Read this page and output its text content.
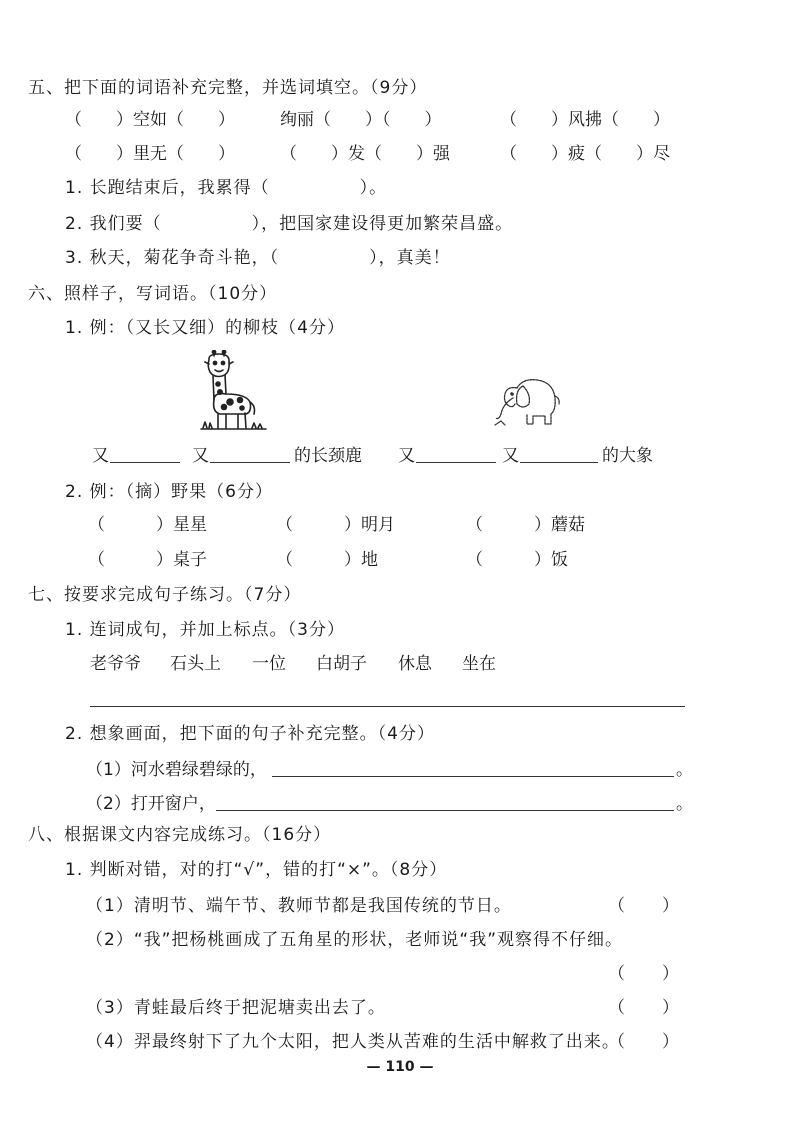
五、把下面的词语补充完整，并选词填空。（9分）
（　　）空如（　　）	绚丽（　　）（　　）	（　　）风拂（　　）
（　　）里无（　　）	（　　）发（　　）强	（　　）疲（　　）尽
1. 长跑结束后，我累得（　　　　　）。
2. 我们要（　　　　　），把国家建设得更加繁荣昌盛。
3. 秋天，菊花争奇斗艳，（　　　　　），真美！
六、照样子，写词语。（10分）
1. 例：（又长又细）的柳枝（4分）
又	又	的长颈鹿 又	又	的大象
2. 例：（摘）野果（6分）
（　　　）星星	（　　　）明月	（　　　）蘑菇
（　　　）桌子	（　　　）地	（　　　）饭
七、按要求完成句子练习。（7分）
1. 连词成句，并加上标点。（3分）
老爷爷 石头上 一位 白胡子 休息 坐在
2. 想象画面，把下面的句子补充完整。（4分）
（1）河水碧绿碧绿的，	。
（2）打开窗户，	。
八、根据课文内容完成练习。（16分）
1. 判断对错，对的打“√”，错的打“×”。（8分）
（1）清明节、端午节、教师节都是我国传统的节日。	（　　）
（2）“我”把杨桃画成了五角星的形状，老师说“我”观察得不仔细。
（　　）
（3）青蛙最后终于把泥塘卖出去了。	（　　）
（4）羿最终射下了九个太阳，把人类从苦难的生活中解救了出来。
（　　）
— 110 —
